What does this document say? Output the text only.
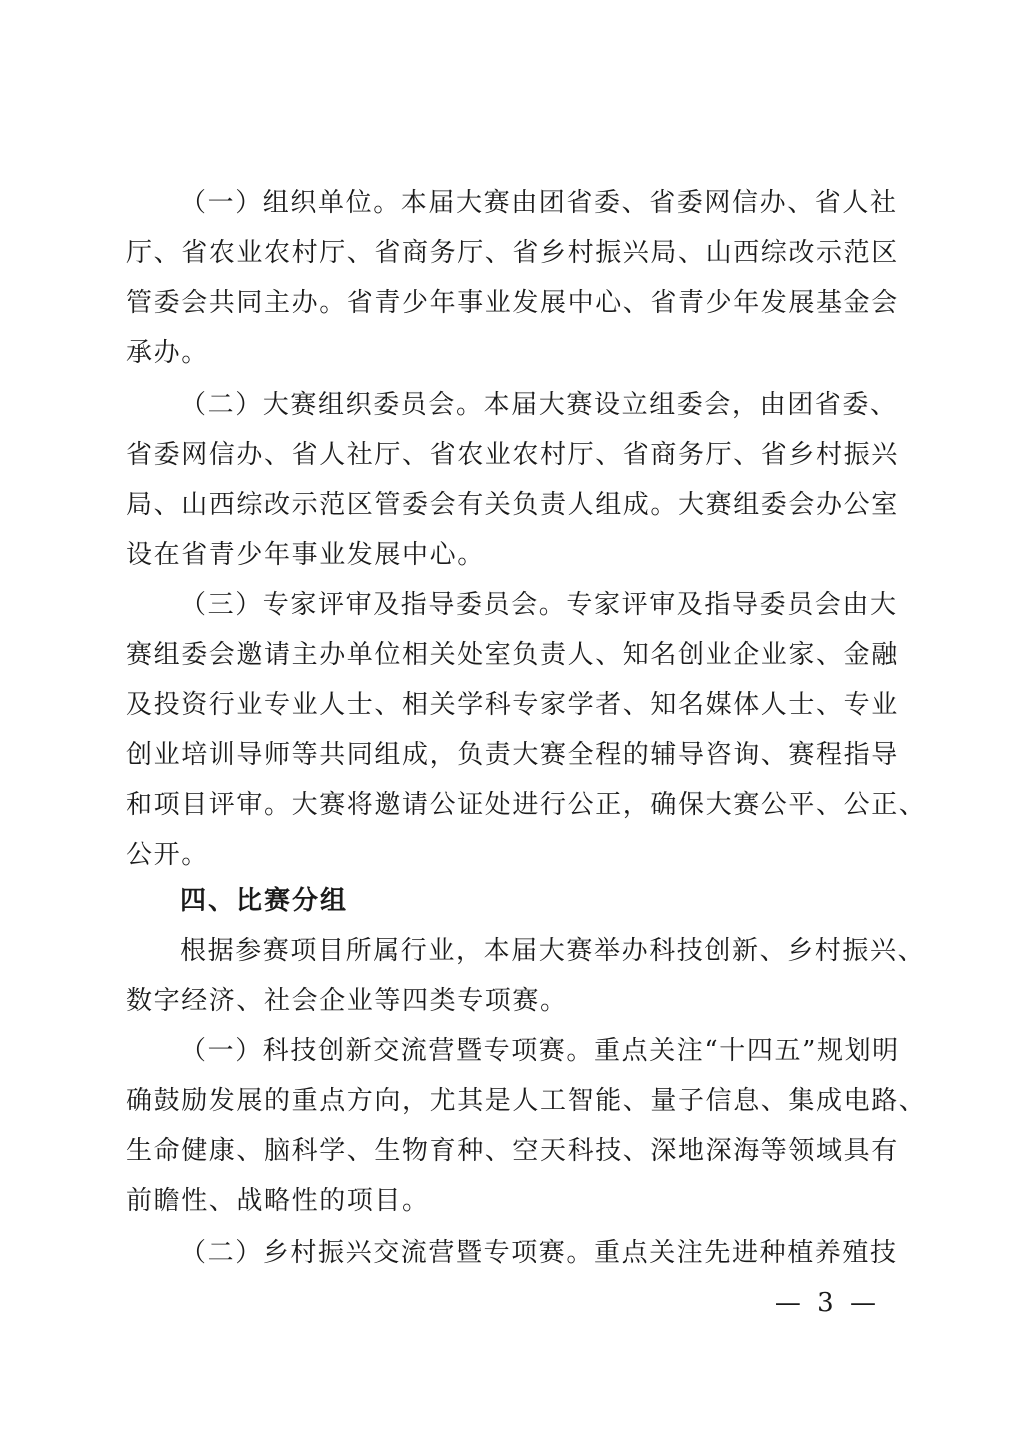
（一）组织单位。本届大赛由团省委、省委网信办、省人社
厅、省农业农村厅、省商务厅、省乡村振兴局、山西综改示范区
管委会共同主办。省青少年事业发展中心、省青少年发展基金会
承办。
（二）大赛组织委员会。本届大赛设立组委会，由团省委、
省委网信办、省人社厅、省农业农村厅、省商务厅、省乡村振兴
局、山西综改示范区管委会有关负责人组成。大赛组委会办公室
设在省青少年事业发展中心。
（三）专家评审及指导委员会。专家评审及指导委员会由大
赛组委会邀请主办单位相关处室负责人、知名创业企业家、金融
及投资行业专业人士、相关学科专家学者、知名媒体人士、专业
创业培训导师等共同组成，负责大赛全程的辅导咨询、赛程指导
和项目评审。大赛将邀请公证处进行公正，确保大赛公平、公正、
公开。
四、比赛分组
根据参赛项目所属行业，本届大赛举办科技创新、乡村振兴、
数字经济、社会企业等四类专项赛。
（一）科技创新交流营暨专项赛。重点关注“十四五”规划明
确鼓励发展的重点方向，尤其是人工智能、量子信息、集成电路、
生命健康、脑科学、生物育种、空天科技、深地深海等领域具有
前瞻性、战略性的项目。
（二）乡村振兴交流营暨专项赛。重点关注先进种植养殖技
— 3 —
